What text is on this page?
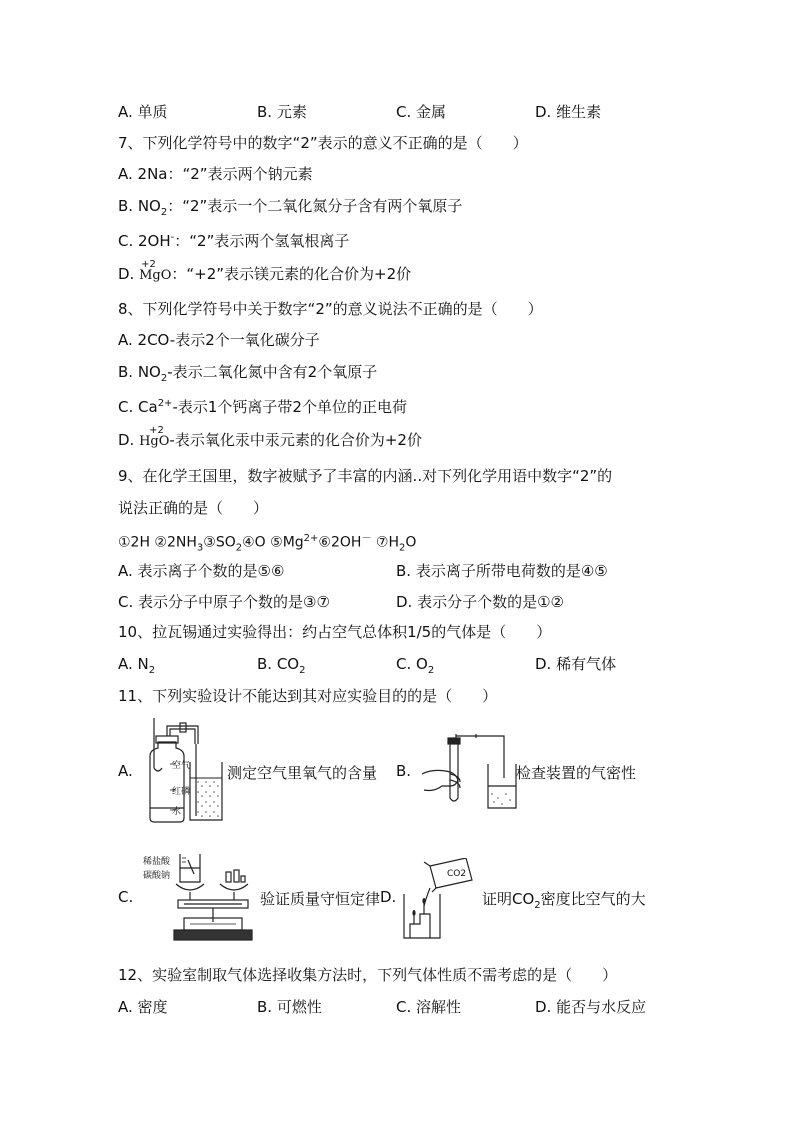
A. 单质	B. 元素	C. 金属	D. 维生素
7、下列化学符号中的数字“2”表示的意义不正确的是（　　）
A. 2Na：“2”表示两个钠元素
B. $NO_2$：“2”表示一个二氧化氮分子含有两个氧原子
C. 2OH-：“2”表示两个氢氧根离子
D.
+2
MgO：“+2”表示镁元素的化合价为+2价
8、下列化学符号中关于数字“2”的意义说法不正确的是（　　）
A. 2CO-表示2个一氧化碳分子
B. $NO_2-$表示二氧化氮中含有2个氧原子
C. $Ca^{2+}-$表示1个钙离子带2个单位的正电荷
D.
+2
HgO-表示氧化汞中汞元素的化合价为+2价
9、在化学王国里，数字被赋予了丰富的内涵..对下列化学用语中数字“2”的
说法正确的是（　　）
①2H $②2NH_3③SO_2④O$ $⑤Mg^{2+}⑥2OH^-$ $⑦H_2O$
A. 表示离子个数的是⑤⑥	B. 表示离子所带电荷数的是④⑤
C. 表示分子中原子个数的是③⑦	D. 表示分子个数的是①②
10、拉瓦锡通过实验得出：约占空气总体积1/5的气体是（　　）
A. $N_2$	B. $CO_2$	C. $O_2$	D. 稀有气体
11、下列实验设计不能达到其对应实验目的的是（　　）
A.	空气
红磷
水
测定空气里氧气的含量 B.	检查装置的气密性
C.
稀盐酸
碳酸钠
验证质量守恒定律 D.
CO2
证明$CO_2$密度比空气的大
12、实验室制取气体选择收集方法时，下列气体性质不需考虑的是（　　）
A. 密度	B. 可燃性	C. 溶解性	D. 能否与水反应
